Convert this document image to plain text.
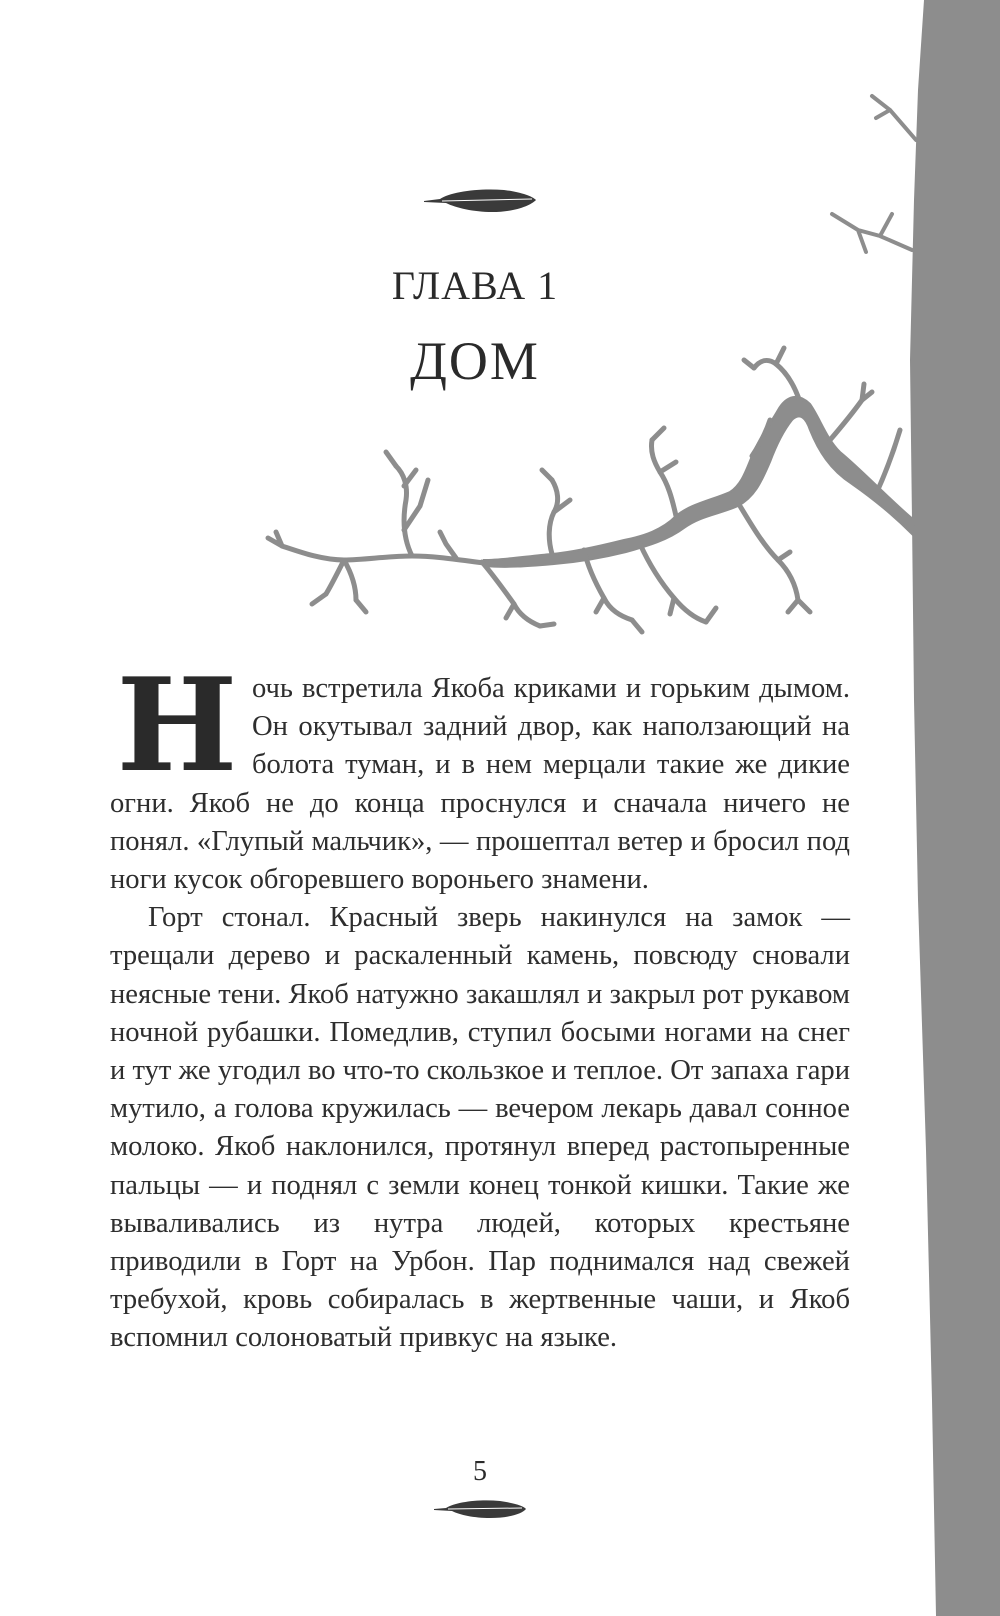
ГЛАВА 1
ДОМ
Н очь встретила Якоба криками и горьким дымом. Он окутывал задний двор, как наползающий на болота туман, и в нем мерцали такие же дикие огни. Якоб не до конца проснулся и сначала ничего не понял. «Глупый мальчик», — прошептал ветер и бросил под ноги кусок обгоревшего вороньего знамени.

Горт стонал. Красный зверь накинулся на замок — трещали дерево и раскаленный камень, повсюду сновали неясные тени. Якоб натужно закашлял и закрыл рот рукавом ночной рубашки. Помедлив, ступил босыми ногами на снег и тут же угодил во что-то скользкое и теплое. От запаха гари мутило, а голова кружилась — вечером лекарь давал сонное молоко. Якоб наклонился, протянул вперед растопыренные пальцы — и поднял с земли конец тонкой кишки. Такие же вываливались из нутра людей, которых крестьяне приводили в Горт на Урбон. Пар поднимался над свежей требухой, кровь собиралась в жертвенные чаши, и Якоб вспомнил солоноватый привкус на языке.

5
